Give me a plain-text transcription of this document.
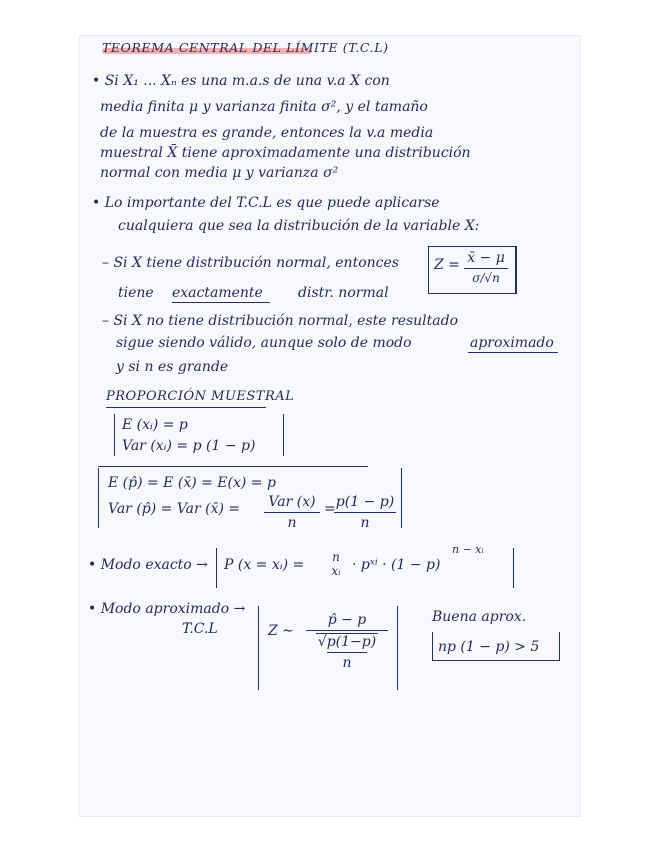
TEOREMA CENTRAL DEL LÍMITE (T.C.L)
• Si X₁ ... Xₙ es una m.a.s de una v.a X con
media finita μ y varianza finita σ², y el tamaño
de la muestra es grande, entonces la v.a media
muestral X̄ tiene aproximadamente una distribución
normal con media μ y varianza σ²
• Lo importante del T.C.L es que puede aplicarse
cualquiera que sea la distribución de la variable X:
– Si X tiene distribución normal, entonces	Z = x̄ − μ
σ/√n
tiene exactamente	distr. normal
– Si X no tiene distribución normal, este resultado
sigue siendo válido, aunque solo de modo	aproximado
y si n es grande
PROPORCIÓN MUESTRAL
E (xᵢ) = p
Var (xᵢ) = p (1 − p)
E (p̂) = E (x̄) = E(x) = p
Var (p̂) = Var (x̄) = Var (x)
n
= p(1 − p)
n
• Modo exacto → P (x = xᵢ) = n
xᵢ · pˣⁱ · (1 − p)
n − xᵢ
• Modo aproximado →
T.C.L	Z ∼
p̂ − p
√p(1−p)
n
Buena aprox.
np (1 − p) > 5
